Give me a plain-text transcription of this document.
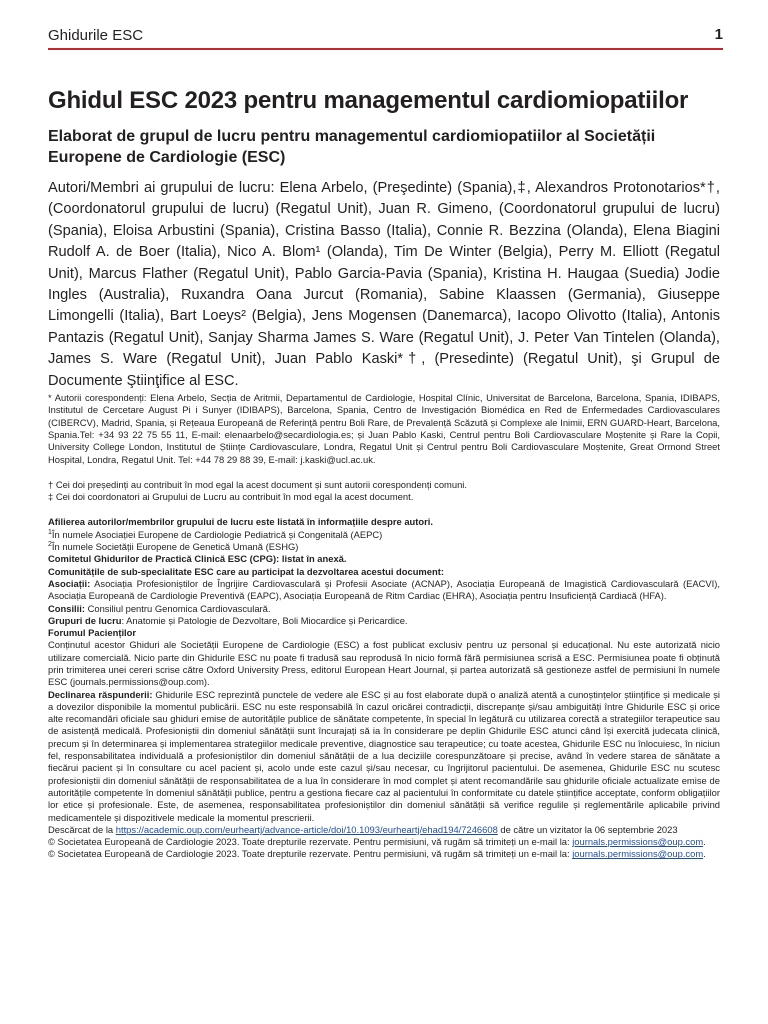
Ghidurile ESC	1
Ghidul ESC 2023 pentru managementul cardiomiopatiilor
Elaborat de grupul de lucru pentru managementul cardiomiopatiilor al Societății Europene de Cardiologie (ESC)

Autori/Membri ai grupului de lucru: Elena Arbelo, (Preşedinte) (Spania),‡, Alexandros Protonotarios*†, (Coordonatorul grupului de lucru) (Regatul Unit), Juan R. Gimeno, (Coordonatorul grupului de lucru) (Spania), Eloisa Arbustini (Spania), Cristina Basso (Italia), Connie R. Bezzina (Olanda), Elena Biagini Rudolf A. de Boer (Italia), Nico A. Blom¹ (Olanda), Tim De Winter (Belgia), Perry M. Elliott (Regatul Unit), Marcus Flather (Regatul Unit), Pablo Garcia-Pavia (Spania), Kristina H. Haugaa (Suedia) Jodie Ingles (Australia), Ruxandra Oana Jurcut (Romania), Sabine Klaassen (Germania), Giuseppe Limongelli (Italia), Bart Loeys² (Belgia), Jens Mogensen (Danemarca), Iacopo Olivotto (Italia), Antonis Pantazis (Regatul Unit), Sanjay Sharma James S. Ware (Regatul Unit), J. Peter Van Tintelen (Olanda), James S. Ware (Regatul Unit), Juan Pablo Kaski*†, (Presedinte) (Regatul Unit), şi Grupul de Documente Ştiinţifice al ESC.

* Autorii corespondenți: Elena Arbelo, Secția de Aritmii, Departamentul de Cardiologie, Hospital Clínic, Universitat de Barcelona, Barcelona, Spania, IDIBAPS, Institutul de Cercetare August Pi i Sunyer (IDIBAPS), Barcelona, Spania, Centro de Investigación Biomédica en Red de Enfermedades Cardiovasculares (CIBERCV), Madrid, Spania, și Rețeaua Europeană de Referință pentru Boli Rare, de Prevalență Scăzută și Complexe ale Inimii, ERN GUARD-Heart, Barcelona, Spania.Tel: +34 93 22 75 55 11, E-mail: elenaarbelo@secardiologia.es; și Juan Pablo Kaski, Centrul pentru Boli Cardiovasculare Moștenite și Rare la Copii, University College London, Institutul de Științe Cardiovasculare, Londra, Regatul Unit și Centrul pentru Boli Cardiovasculare Moștenite, Great Ormond Street Hospital, Londra, Regatul Unit. Tel: +44 78 29 88 39, E-mail: j.kaski@ucl.ac.uk.

† Cei doi președinți au contribuit în mod egal la acest document și sunt autorii corespondenți comuni.

‡ Cei doi coordonatori ai Grupului de Lucru au contribuit în mod egal la acest document.

Afilierea autorilor/membrilor grupului de lucru este listată în informațiile despre autori.

$^1$În numele Asociației Europene de Cardiologie Pediatrică și Congenitală (AEPC)

$^2$În numele Societății Europene de Genetică Umană (ESHG)

Comitetul Ghidurilor de Practică Clinică ESC (CPG): listat în anexă.

Comunitățile de sub-specialitate ESC care au participat la dezvoltarea acestui document:

Asociații: Asociația Profesioniștilor de Îngrijire Cardiovasculară și Profesii Asociate (ACNAP), Asociația Europeană de Imagistică Cardiovasculară (EACVI), Asociația Europeană de Cardiologie Preventivă (EAPC), Asociația Europeană de Ritm Cardiac (EHRA), Asociația pentru Insuficiență Cardiacă (HFA).

Consilii: Consiliul pentru Genomica Cardiovasculară.

Grupuri de lucru: Anatomie și Patologie de Dezvoltare, Boli Miocardice și Pericardice.

Forumul Pacienților

Conținutul acestor Ghiduri ale Societății Europene de Cardiologie (ESC) a fost publicat exclusiv pentru uz personal și educațional. Nu este autorizată nicio utilizare comercială. Nicio parte din Ghidurile ESC nu poate fi tradusă sau reprodusă în nicio formă fără permisiunea scrisă a ESC. Permisiunea poate fi obținută prin trimiterea unei cereri scrise către Oxford University Press, editorul European Heart Journal, și partea autorizată să gestioneze astfel de permisiuni în numele ESC (journals.permissions@oup.com).

Declinarea răspunderii: Ghidurile ESC reprezintă punctele de vedere ale ESC și au fost elaborate după o analiză atentă a cunoștințelor științifice și medicale și a dovezilor disponibile la momentul publicării. ESC nu este responsabilă în cazul oricărei contradicții, discrepanțe și/sau ambiguități între Ghidurile ESC și orice alte recomandări oficiale sau ghiduri emise de autoritățile publice de sănătate competente, în special în legătură cu utilizarea corectă a strategiilor terapeutice sau de asistență medicală. Profesioniștii din domeniul sănătății sunt încurajați să ia în considerare pe deplin Ghidurile ESC atunci când își exercită judecata clinică, precum și în determinarea și implementarea strategiilor medicale preventive, diagnostice sau terapeutice; cu toate acestea, Ghidurile ESC nu înlocuiesc, în niciun fel, responsabilitatea individuală a profesioniștilor din domeniul sănătății de a lua deciziile corespunzătoare și precise, având în vedere starea de sănătate a fiecărui pacient și în consultare cu acel pacient și, acolo unde este cazul și/sau necesar, cu îngrijitorul pacientului. De asemenea, Ghidurile ESC nu scutesc profesioniștii din domeniul sănătății de responsabilitatea de a lua în considerare în mod complet și atent recomandările sau ghidurile oficiale actualizate emise de autoritățile competente în domeniul sănătății publice, pentru a gestiona fiecare caz al pacientului în conformitate cu datele științifice acceptate, conform obligațiilor lor etice și profesionale. Este, de asemenea, responsabilitatea profesioniștilor din domeniul sănătății să verifice regulile și reglementările aplicabile privind medicamentele și dispozitivele medicale la momentul prescrierii.

Descărcat de la https://academic.oup.com/eurheartj/advance-article/doi/10.1093/eurheartj/ehad194/7246608 de către un vizitator la 06 septembrie 2023

© Societatea Europeană de Cardiologie 2023. Toate drepturile rezervate. Pentru permisiuni, vă rugăm să trimiteți un e-mail la: journals.permissions@oup.com.

© Societatea Europeană de Cardiologie 2023. Toate drepturile rezervate. Pentru permisiuni, vă rugăm să trimiteți un e-mail la: journals.permissions@oup.com.
